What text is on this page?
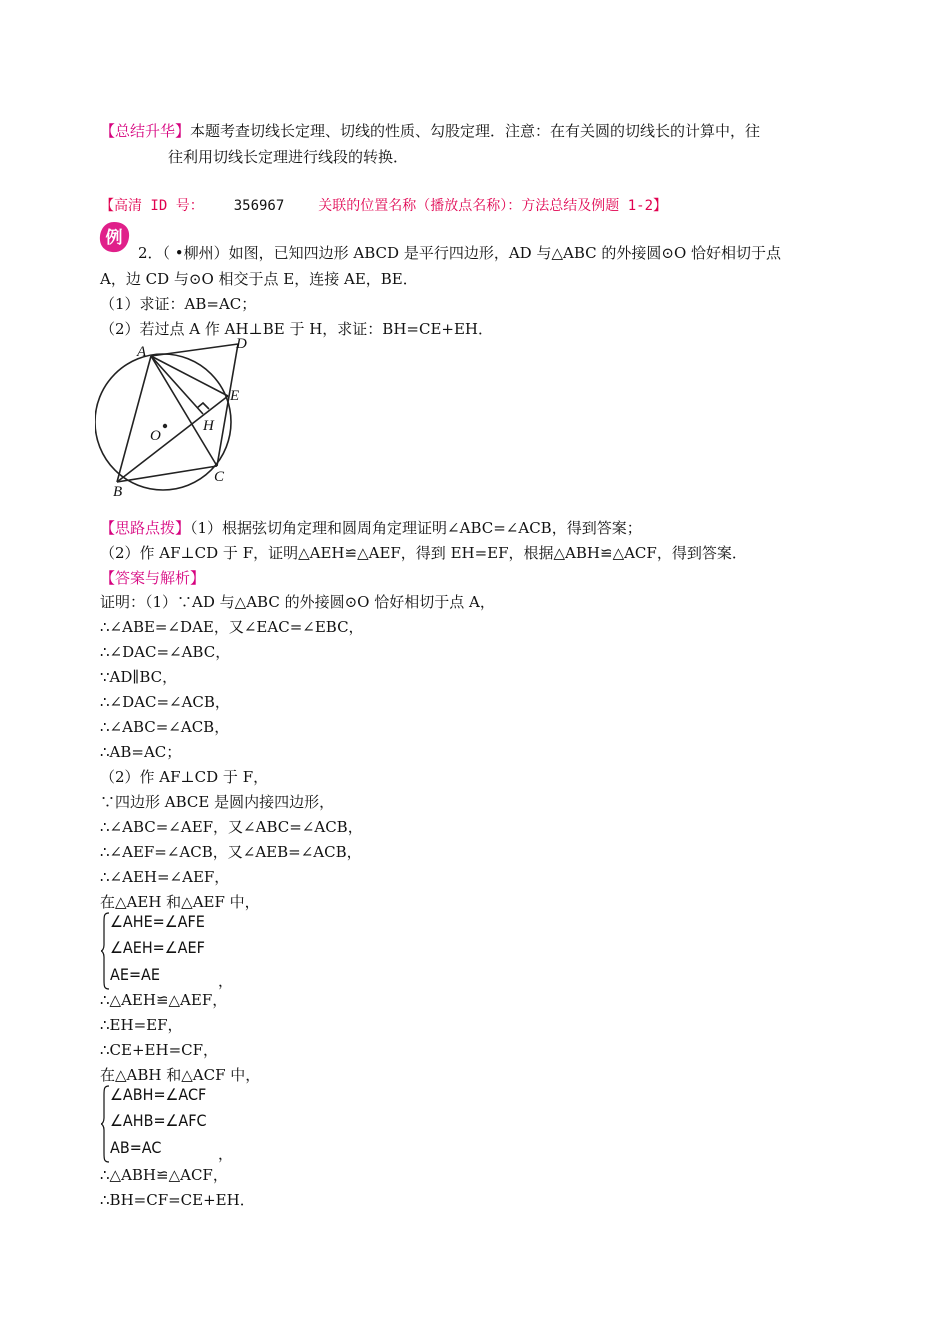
【总结升华】本题考查切线长定理、切线的性质、勾股定理．注意：在有关圆的切线长的计算中，往
往利用切线长定理进行线段的转换．
【高清 ID 号： 356967 关联的位置名称（播放点名称）：方法总结及例题 1-2】
例
2．（ •柳州）如图，已知四边形 ABCD 是平行四边形，AD 与△ABC 的外接圆⊙O 恰好相切于点
A，边 CD 与⊙O 相交于点 E，连接 AE，BE．
（1）求证：AB=AC；
（2）若过点 A 作 AH⊥BE 于 H，求证：BH=CE+EH．
A
B
C
D
E
H
O
【思路点拨】（1）根据弦切角定理和圆周角定理证明∠ABC=∠ACB，得到答案；
（2）作 AF⊥CD 于 F，证明△AEH≌△AEF，得到 EH=EF，根据△ABH≌△ACF，得到答案．
【答案与解析】
证明：（1）∵AD 与△ABC 的外接圆⊙O 恰好相切于点 A，
∴∠ABE=∠DAE，又∠EAC=∠EBC，
∴∠DAC=∠ABC，
∵AD∥BC，
∴∠DAC=∠ACB，
∴∠ABC=∠ACB，
∴AB=AC；
（2）作 AF⊥CD 于 F，
∵四边形 ABCE 是圆内接四边形，
∴∠ABC=∠AEF，又∠ABC=∠ACB，
∴∠AEF=∠ACB，又∠AEB=∠ACB，
∴∠AEH=∠AEF，
在△AEH 和△AEF 中，
∠AHE=∠AFE
∠AEH=∠AEF
AE=AE	，
∴△AEH≌△AEF，
∴EH=EF，
∴CE+EH=CF，
在△ABH 和△ACF 中，
∠ABH=∠ACF
∠AHB=∠AFC
AB=AC	，
∴△ABH≌△ACF，
∴BH=CF=CE+EH．
